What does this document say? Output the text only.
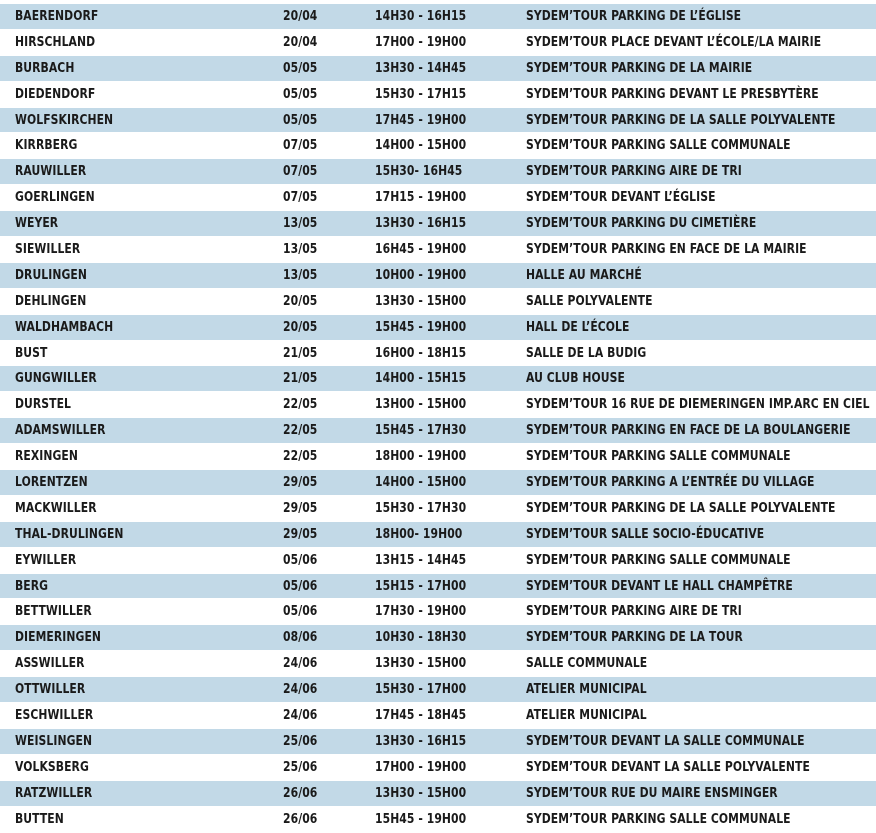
BAERENDORF	20/04	14H30 - 16H15	SYDEM’TOUR PARKING DE L’ÉGLISE
HIRSCHLAND	20/04	17H00 - 19H00	SYDEM’TOUR PLACE DEVANT L’ÉCOLE/LA MAIRIE
BURBACH	05/05	13H30 - 14H45	SYDEM’TOUR PARKING DE LA MAIRIE
DIEDENDORF	05/05	15H30 - 17H15	SYDEM’TOUR PARKING DEVANT LE PRESBYTÈRE
WOLFSKIRCHEN	05/05	17H45 - 19H00	SYDEM’TOUR PARKING DE LA SALLE POLYVALENTE
KIRRBERG	07/05	14H00 - 15H00	SYDEM’TOUR PARKING SALLE COMMUNALE
RAUWILLER	07/05	15H30- 16H45	SYDEM’TOUR PARKING AIRE DE TRI
GOERLINGEN	07/05	17H15 - 19H00	SYDEM’TOUR DEVANT L’ÉGLISE
WEYER	13/05	13H30 - 16H15	SYDEM’TOUR PARKING DU CIMETIÈRE
SIEWILLER	13/05	16H45 - 19H00	SYDEM’TOUR PARKING EN FACE DE LA MAIRIE
DRULINGEN	13/05	10H00 - 19H00	HALLE AU MARCHÉ
DEHLINGEN	20/05	13H30 - 15H00	SALLE POLYVALENTE
WALDHAMBACH	20/05	15H45 - 19H00	HALL DE L’ÉCOLE
BUST	21/05	16H00 - 18H15	SALLE DE LA BUDIG
GUNGWILLER	21/05	14H00 - 15H15	AU CLUB HOUSE
DURSTEL	22/05	13H00 - 15H00	SYDEM’TOUR 16 RUE DE DIEMERINGEN IMP.ARC EN CIEL
ADAMSWILLER	22/05	15H45 - 17H30	SYDEM’TOUR PARKING EN FACE DE LA BOULANGERIE
REXINGEN	22/05	18H00 - 19H00	SYDEM’TOUR PARKING SALLE COMMUNALE
LORENTZEN	29/05	14H00 - 15H00	SYDEM’TOUR PARKING A L’ENTRÉE DU VILLAGE
MACKWILLER	29/05	15H30 - 17H30	SYDEM’TOUR PARKING DE LA SALLE POLYVALENTE
THAL-DRULINGEN	29/05	18H00- 19H00	SYDEM’TOUR SALLE SOCIO-ÉDUCATIVE
EYWILLER	05/06	13H15 - 14H45	SYDEM’TOUR PARKING SALLE COMMUNALE
BERG	05/06	15H15 - 17H00	SYDEM’TOUR DEVANT LE HALL CHAMPÊTRE
BETTWILLER	05/06	17H30 - 19H00	SYDEM’TOUR PARKING AIRE DE TRI
DIEMERINGEN	08/06	10H30 - 18H30	SYDEM’TOUR PARKING DE LA TOUR
ASSWILLER	24/06	13H30 - 15H00	SALLE COMMUNALE
OTTWILLER	24/06	15H30 - 17H00	ATELIER MUNICIPAL
ESCHWILLER	24/06	17H45 - 18H45	ATELIER MUNICIPAL
WEISLINGEN	25/06	13H30 - 16H15	SYDEM’TOUR DEVANT LA SALLE COMMUNALE
VOLKSBERG	25/06	17H00 - 19H00	SYDEM’TOUR DEVANT LA SALLE POLYVALENTE
RATZWILLER	26/06	13H30 - 15H00	SYDEM’TOUR RUE DU MAIRE ENSMINGER
BUTTEN	26/06	15H45 - 19H00	SYDEM’TOUR PARKING SALLE COMMUNALE
